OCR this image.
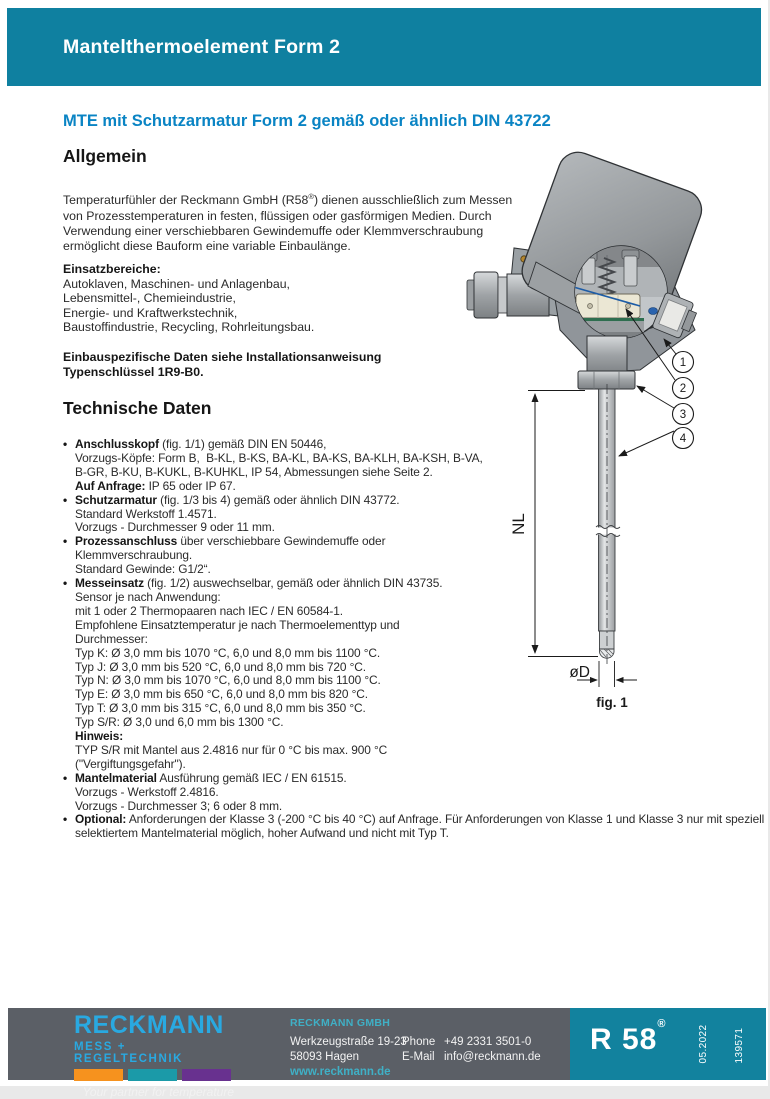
Mantelthermoelement Form 2
MTE mit Schutzarmatur Form 2 gemäß oder ähnlich DIN 43722
Allgemein
Temperaturfühler der Reckmann GmbH (R58®) dienen ausschließlich zum Messen
von Prozesstemperaturen in festen, flüssigen oder gasförmigen Medien. Durch
Verwendung einer verschiebbaren Gewindemuffe oder Klemmverschraubung
ermöglicht diese Bauform eine variable Einbaulänge.
Einsatzbereiche:
Autoklaven, Maschinen- und Anlagenbau,
Lebensmittel-, Chemieindustrie,
Energie- und Kraftwerkstechnik,
Baustoffindustrie, Recycling, Rohrleitungsbau.
Einbauspezifische Daten siehe Installationsanweisung
Typenschlüssel 1R9-B0.
Technische Daten
• Anschlusskopf (fig. 1/1) gemäß DIN EN 50446,
Vorzugs-Köpfe: Form B,  B-KL, B-KS, BA-KL, BA-KS, BA-KLH, BA-KSH, B-VA,
B-GR, B-KU, B-KUKL, B-KUHKL, IP 54, Abmessungen siehe Seite 2.
Auf Anfrage: IP 65 oder IP 67.
• Schutzarmatur (fig. 1/3 bis 4) gemäß oder ähnlich DIN 43772.
Standard Werkstoff 1.4571.
Vorzugs - Durchmesser 9 oder 11 mm.
• Prozessanschluss über verschiebbare Gewindemuffe oder
Klemmverschraubung.
Standard Gewinde: G1/2“.
• Messeinsatz (fig. 1/2) auswechselbar, gemäß oder ähnlich DIN 43735.
Sensor je nach Anwendung:
mit 1 oder 2 Thermopaaren nach IEC / EN 60584-1.
Empfohlene Einsatztemperatur je nach Thermoelementtyp und
Durchmesser:
Typ K: Ø 3,0 mm bis 1070 °C, 6,0 und 8,0 mm bis 1100 °C.
Typ J: Ø 3,0 mm bis 520 °C, 6,0 und 8,0 mm bis 720 °C.
Typ N: Ø 3,0 mm bis 1070 °C, 6,0 und 8,0 mm bis 1100 °C.
Typ E: Ø 3,0 mm bis 650 °C, 6,0 und 8,0 mm bis 820 °C.
Typ T: Ø 3,0 mm bis 315 °C, 6,0 und 8,0 mm bis 350 °C.
Typ S/R: Ø 3,0 und 6,0 mm bis 1300 °C.
Hinweis:
TYP S/R mit Mantel aus 2.4816 nur für 0 °C bis max. 900 °C
("Vergiftungsgefahr").
• Mantelmaterial Ausführung gemäß IEC / EN 61515.
Vorzugs - Werkstoff 2.4816.
Vorzugs - Durchmesser 3; 6 oder 8 mm.
• Optional: Anforderungen der Klasse 3 (-200 °C bis 40 °C) auf Anfrage. Für Anforderungen von Klasse 1 und Klasse 3 nur mit speziell
selektiertem Mantelmaterial möglich, hoher Aufwand und nicht mit Typ T.
NL
øD
fig. 1
1
2
3
4
RECKMANN
MESS + REGELTECHNIK
Your partner for temperature
RECKMANN GMBH
Werkzeugstraße 19-23
58093 Hagen
Phone
E-Mail
+49 2331 3501-0
info@reckmann.de
www.reckmann.de
R 58®

05.2022

	139571
